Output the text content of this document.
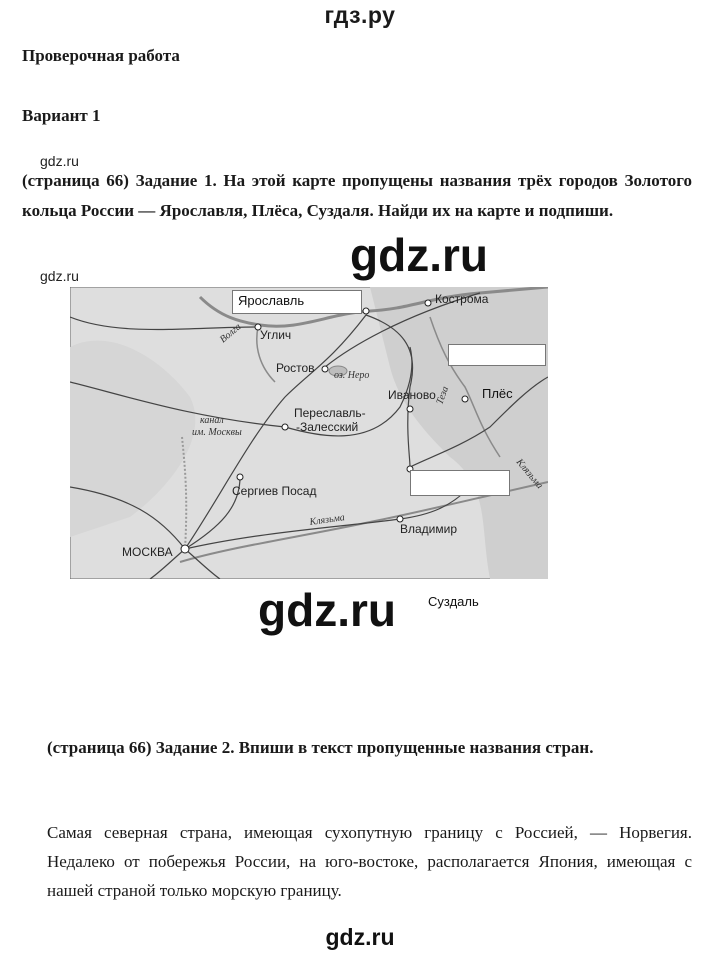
гдз.ру
Проверочная работа
Вариант 1
gdz.ru
(страница 66) Задание 1. На этой карте пропущены названия трёх городов Золотого кольца России — Ярославля, Плёса, Суздаля. Найди их на карте и подпиши.
gdz.ru
gdz.ru
Углич
Кострома
Ростов
Переславль-
-Залесский
Иваново
Сергиев Посад
Владимир
МОСКВА
Волга
оз. Неро
канал
им. Москвы
Тезa
Клязьма
Клязьма
Ярославль
Плёс
Суздаль
gdz.ru
(страница 66) Задание 2. Впиши в текст пропущенные названия стран.
Самая северная страна, имеющая сухопутную границу с Россией, — Норвегия. Недалеко от побережья России, на юго-востоке, располагается Япония, имеющая с нашей страной только морскую границу.
gdz.ru
